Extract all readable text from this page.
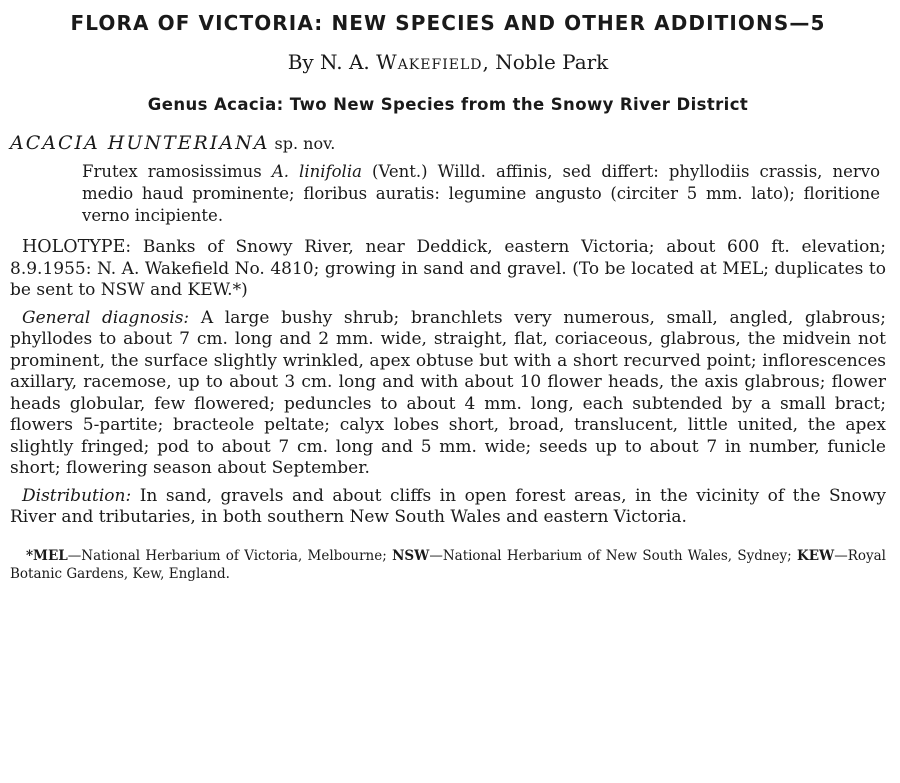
FLORA OF VICTORIA: NEW SPECIES AND OTHER ADDITIONS—5
By N. A. Wakefield, Noble Park
Genus Acacia: Two New Species from the Snowy River District
ACACIA HUNTERIANA sp. nov.

Frutex ramosissimus A. linifolia (Vent.) Willd. affinis, sed differt: phyllodiis crassis, nervo medio haud prominente; floribus auratis: legumine angusto (circiter 5 mm. lato); floritione verno incipiente.

HOLOTYPE: Banks of Snowy River, near Deddick, eastern Victoria; about 600 ft. elevation; 8.9.1955: N. A. Wakefield No. 4810; growing in sand and gravel. (To be located at MEL; duplicates to be sent to NSW and KEW.*)

General diagnosis: A large bushy shrub; branchlets very numerous, small, angled, glabrous; phyllodes to about 7 cm. long and 2 mm. wide, straight, flat, coriaceous, glabrous, the midvein not prominent, the surface slightly wrinkled, apex obtuse but with a short recurved point; inflorescences axillary, racemose, up to about 3 cm. long and with about 10 flower heads, the axis glabrous; flower heads globular, few flowered; peduncles to about 4 mm. long, each subtended by a small bract; flowers 5-partite; bracteole peltate; calyx lobes short, broad, translucent, little united, the apex slightly fringed; pod to about 7 cm. long and 5 mm. wide; seeds up to about 7 in number, funicle short; flowering season about September.

Distribution: In sand, gravels and about cliffs in open forest areas, in the vicinity of the Snowy River and tributaries, in both southern New South Wales and eastern Victoria.

*MEL—National Herbarium of Victoria, Melbourne; NSW—National Herbarium of New South Wales, Sydney; KEW—Royal Botanic Gardens, Kew, England.
